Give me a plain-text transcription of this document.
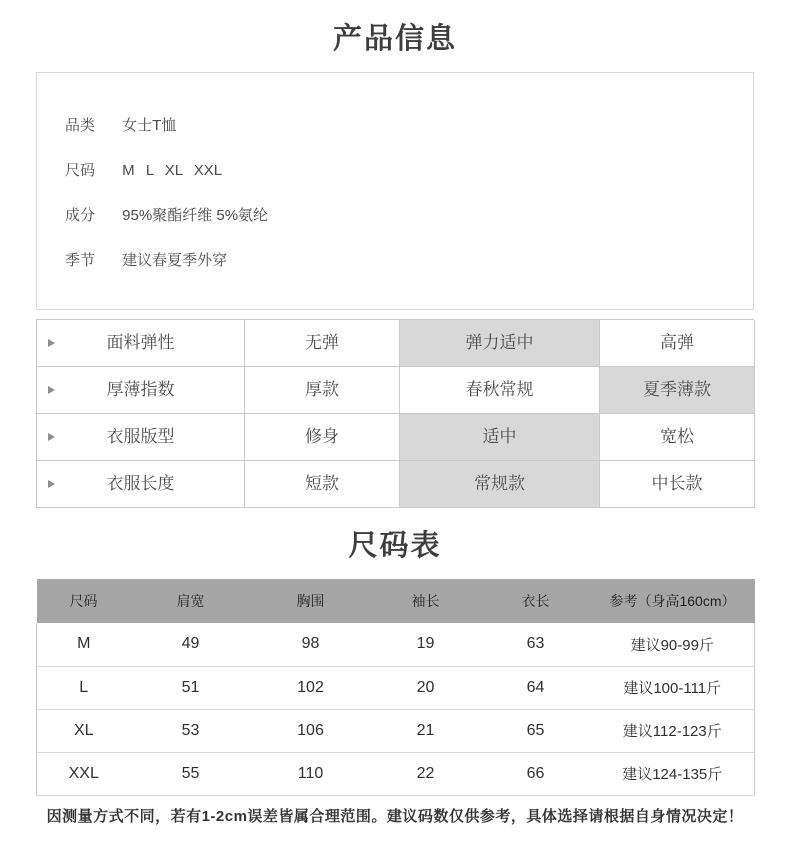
产品信息
品类 女士T恤
尺码 M L XL XXL
成分 95%聚酯纤维 5%氨纶
季节 建议春夏季外穿
面料弹性	无弹	弹力适中	高弹
厚薄指数	厚款	春秋常规	夏季薄款
衣服版型	修身	适中	宽松
衣服长度	短款	常规款	中长款
尺码表
尺码	肩宽	胸围	袖长	衣长	参考（身高160cm）
M	49	98	19	63	建议90-99斤
L	51	102	20	64	建议100-111斤
XL	53	106	21	65	建议112-123斤
XXL	55	110	22	66	建议124-135斤
因测量方式不同，若有1-2cm误差皆属合理范围。建议码数仅供参考，具体选择请根据自身情况决定！
